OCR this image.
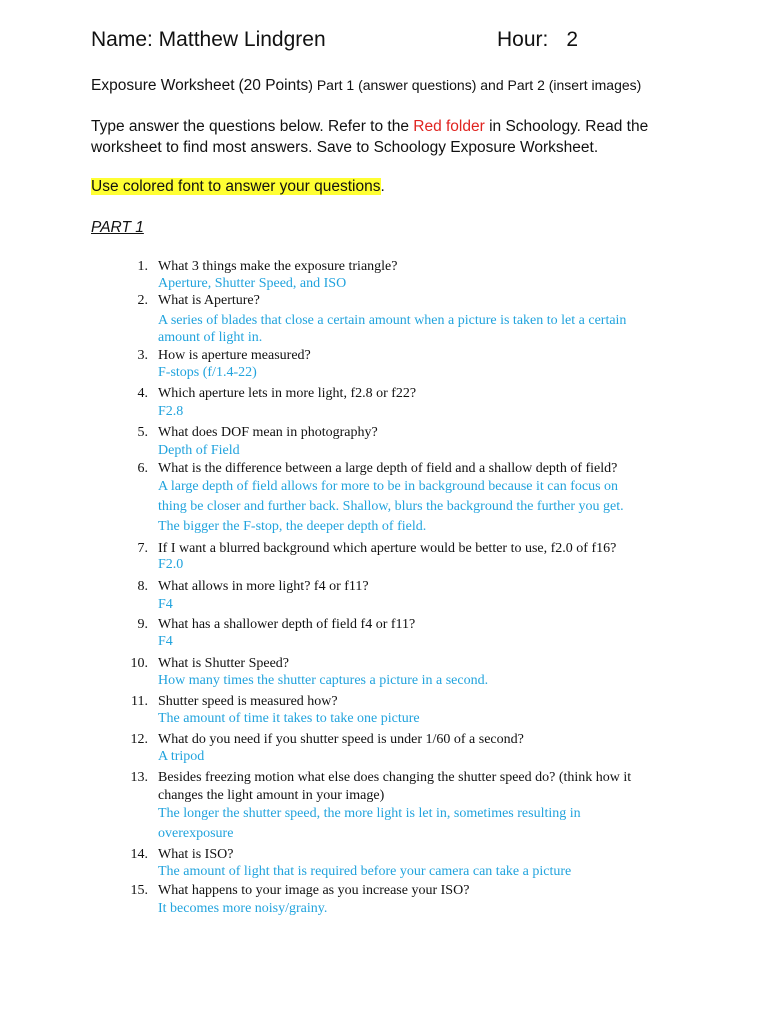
Name: Matthew Lindgren	Hour: 2
Exposure Worksheet (20 Points) Part 1 (answer questions) and Part 2 (insert images)
Type answer the questions below. Refer to the Red folder in Schoology. Read the worksheet to find most answers. Save to Schoology Exposure Worksheet.
Use colored font to answer your questions.
PART 1
1. What 3 things make the exposure triangle?
Aperture, Shutter Speed, and ISO
2. What is Aperture?
A series of blades that close a certain amount when a picture is taken to let a certain
amount of light in.
3. How is aperture measured?
F-stops (f/1.4-22)
4. Which aperture lets in more light, f2.8 or f22?
F2.8
5. What does DOF mean in photography?
Depth of Field
6. What is the difference between a large depth of field and a shallow depth of field?
A large depth of field allows for more to be in background because it can focus on
thing be closer and further back. Shallow, blurs the background the further you get.
The bigger the F-stop, the deeper depth of field.
7. If I want a blurred background which aperture would be better to use, f2.0 of f16?
F2.0
8. What allows in more light? f4 or f11?
F4
9. What has a shallower depth of field f4 or f11?
F4
10. What is Shutter Speed?
How many times the shutter captures a picture in a second.
11. Shutter speed is measured how?
The amount of time it takes to take one picture
12. What do you need if you shutter speed is under 1/60 of a second?
A tripod
13. Besides freezing motion what else does changing the shutter speed do? (think how it
changes the light amount in your image)
The longer the shutter speed, the more light is let in, sometimes resulting in
overexposure
14. What is ISO?
The amount of light that is required before your camera can take a picture
15. What happens to your image as you increase your ISO?
It becomes more noisy/grainy.
